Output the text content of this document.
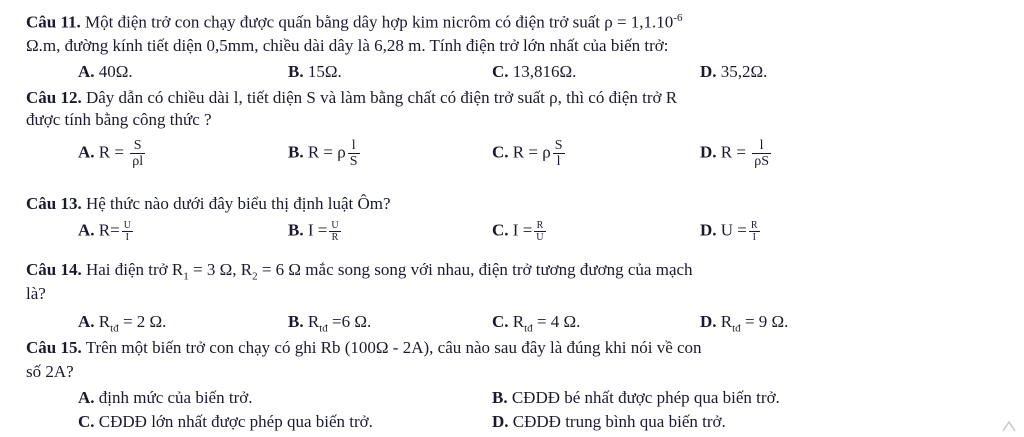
Câu 11. Một điện trở con chạy được quấn bằng dây hợp kim nicrôm có điện trở suất $\rho = 1,1.10^{-6}$
Ω.m, đường kính tiết diện 0,5mm, chiều dài dây là 6,28 m. Tính điện trở lớn nhất của biến trở:
A. 40Ω.	B. 15Ω.	C. 13,816Ω.	D. 35,2Ω.
Câu 12. Dây dẫn có chiều dài l, tiết diện S và làm bằng chất có điện trở suất ρ, thì có điện trở R
được tính bằng công thức ?
A. $R = \frac{S}{\rho l}$	B. R = ρ $\frac{l}{S}$	C. R = ρ $\frac{S}{l}$	D. $R = \frac{l}{\rho S}$
Câu 13. Hệ thức nào dưới đây biểu thị định luật Ôm?
A. $R= \frac{U}{I}$	B. $I = \frac{U}{R}$	C. $I = \frac{R}{U}$	D. $U = \frac{R}{I}$
Câu 14. Hai điện trở $R_1 = 3$ Ω, $R_2 = 6$ Ω mắc song song với nhau, điện trở tương đương của mạch
là?
A. $R_{tđ} = 2$ Ω.	B. $R_{tđ} =6$ Ω.	C. $R_{tđ} = 4$ Ω.	D. $R_{tđ} = 9$ Ω.
Câu 15. Trên một biến trở con chạy có ghi Rb (100Ω - 2A), câu nào sau đây là đúng khi nói về con
số 2A?
A. định mức của biến trở.	B. CĐDĐ bé nhất được phép qua biến trở.
C. CĐDĐ lớn nhất được phép qua biến trở.	D. CĐDĐ trung bình qua biến trở.
